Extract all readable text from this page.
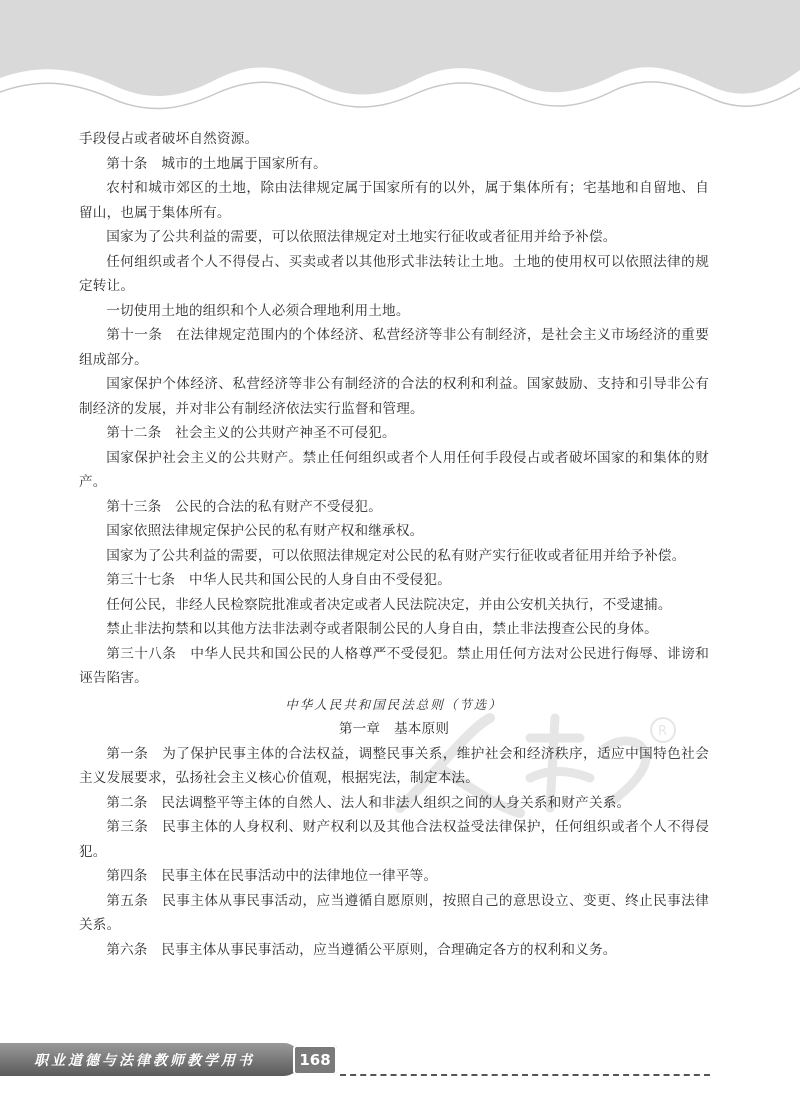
R

手段侵占或者破坏自然资源。

第十条　城市的土地属于国家所有。

农村和城市郊区的土地，除由法律规定属于国家所有的以外，属于集体所有；宅基地和自留地、自留山，也属于集体所有。

国家为了公共利益的需要，可以依照法律规定对土地实行征收或者征用并给予补偿。

任何组织或者个人不得侵占、买卖或者以其他形式非法转让土地。土地的使用权可以依照法律的规定转让。

一切使用土地的组织和个人必须合理地利用土地。

第十一条　在法律规定范围内的个体经济、私营经济等非公有制经济，是社会主义市场经济的重要组成部分。

国家保护个体经济、私营经济等非公有制经济的合法的权利和利益。国家鼓励、支持和引导非公有制经济的发展，并对非公有制经济依法实行监督和管理。

第十二条　社会主义的公共财产神圣不可侵犯。

国家保护社会主义的公共财产。禁止任何组织或者个人用任何手段侵占或者破坏国家的和集体的财产。

第十三条　公民的合法的私有财产不受侵犯。

国家依照法律规定保护公民的私有财产权和继承权。

国家为了公共利益的需要，可以依照法律规定对公民的私有财产实行征收或者征用并给予补偿。

第三十七条　中华人民共和国公民的人身自由不受侵犯。

任何公民，非经人民检察院批准或者决定或者人民法院决定，并由公安机关执行，不受逮捕。

禁止非法拘禁和以其他方法非法剥夺或者限制公民的人身自由，禁止非法搜查公民的身体。

第三十八条　中华人民共和国公民的人格尊严不受侵犯。禁止用任何方法对公民进行侮辱、诽谤和诬告陷害。

中华人民共和国民法总则（节选）
第一章　基本原则

第一条　为了保护民事主体的合法权益，调整民事关系，维护社会和经济秩序，适应中国特色社会主义发展要求，弘扬社会主义核心价值观，根据宪法，制定本法。

第二条　民法调整平等主体的自然人、法人和非法人组织之间的人身关系和财产关系。

第三条　民事主体的人身权利、财产权利以及其他合法权益受法律保护，任何组织或者个人不得侵犯。

第四条　民事主体在民事活动中的法律地位一律平等。

第五条　民事主体从事民事活动，应当遵循自愿原则，按照自己的意思设立、变更、终止民事法律关系。

第六条　民事主体从事民事活动，应当遵循公平原则，合理确定各方的权利和义务。

职业道德与法律教师教学用书	168
